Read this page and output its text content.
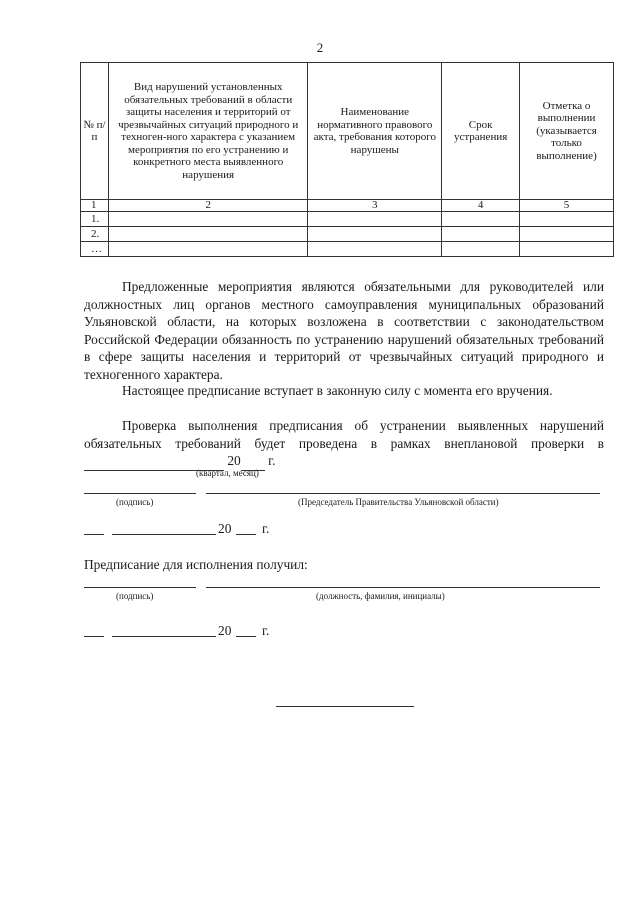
2
№ п/п	Вид нарушений установленных обязательных требований в области защиты населения и территорий от чрезвычайных ситуаций природного и техноген-ного характера с указанием мероприятия по его устранению и конкретного места выявленного нарушения	Наименование нормативного правового акта, требования которого нарушены	Срок устранения	Отметка о выполнении (указывается только выполнение)
1	2	3	4	5
1.				
2.				
…				
Предложенные мероприятия являются обязательными для руководителей или должностных лиц органов местного самоуправления муниципальных образований Ульяновской области, на которых возложена в соответствии с законодательством Российской Федерации обязанность по устранению нарушений обязательных требований в сфере защиты населения и территорий от чрезвычайных ситуаций природного и техногенного характера.
Настоящее предписание вступает в законную силу с момента его вручения.
Проверка выполнения предписания об устранении выявленных нарушений обязательных требований будет проведена в рамках внеплановой проверки в   20 г.
(квартал, месяц)
(подпись)	(Председатель Правительства Ульяновской области)
20 г.
Предписание для исполнения получил:
(подпись)	(должность, фамилия, инициалы)
20 г.
